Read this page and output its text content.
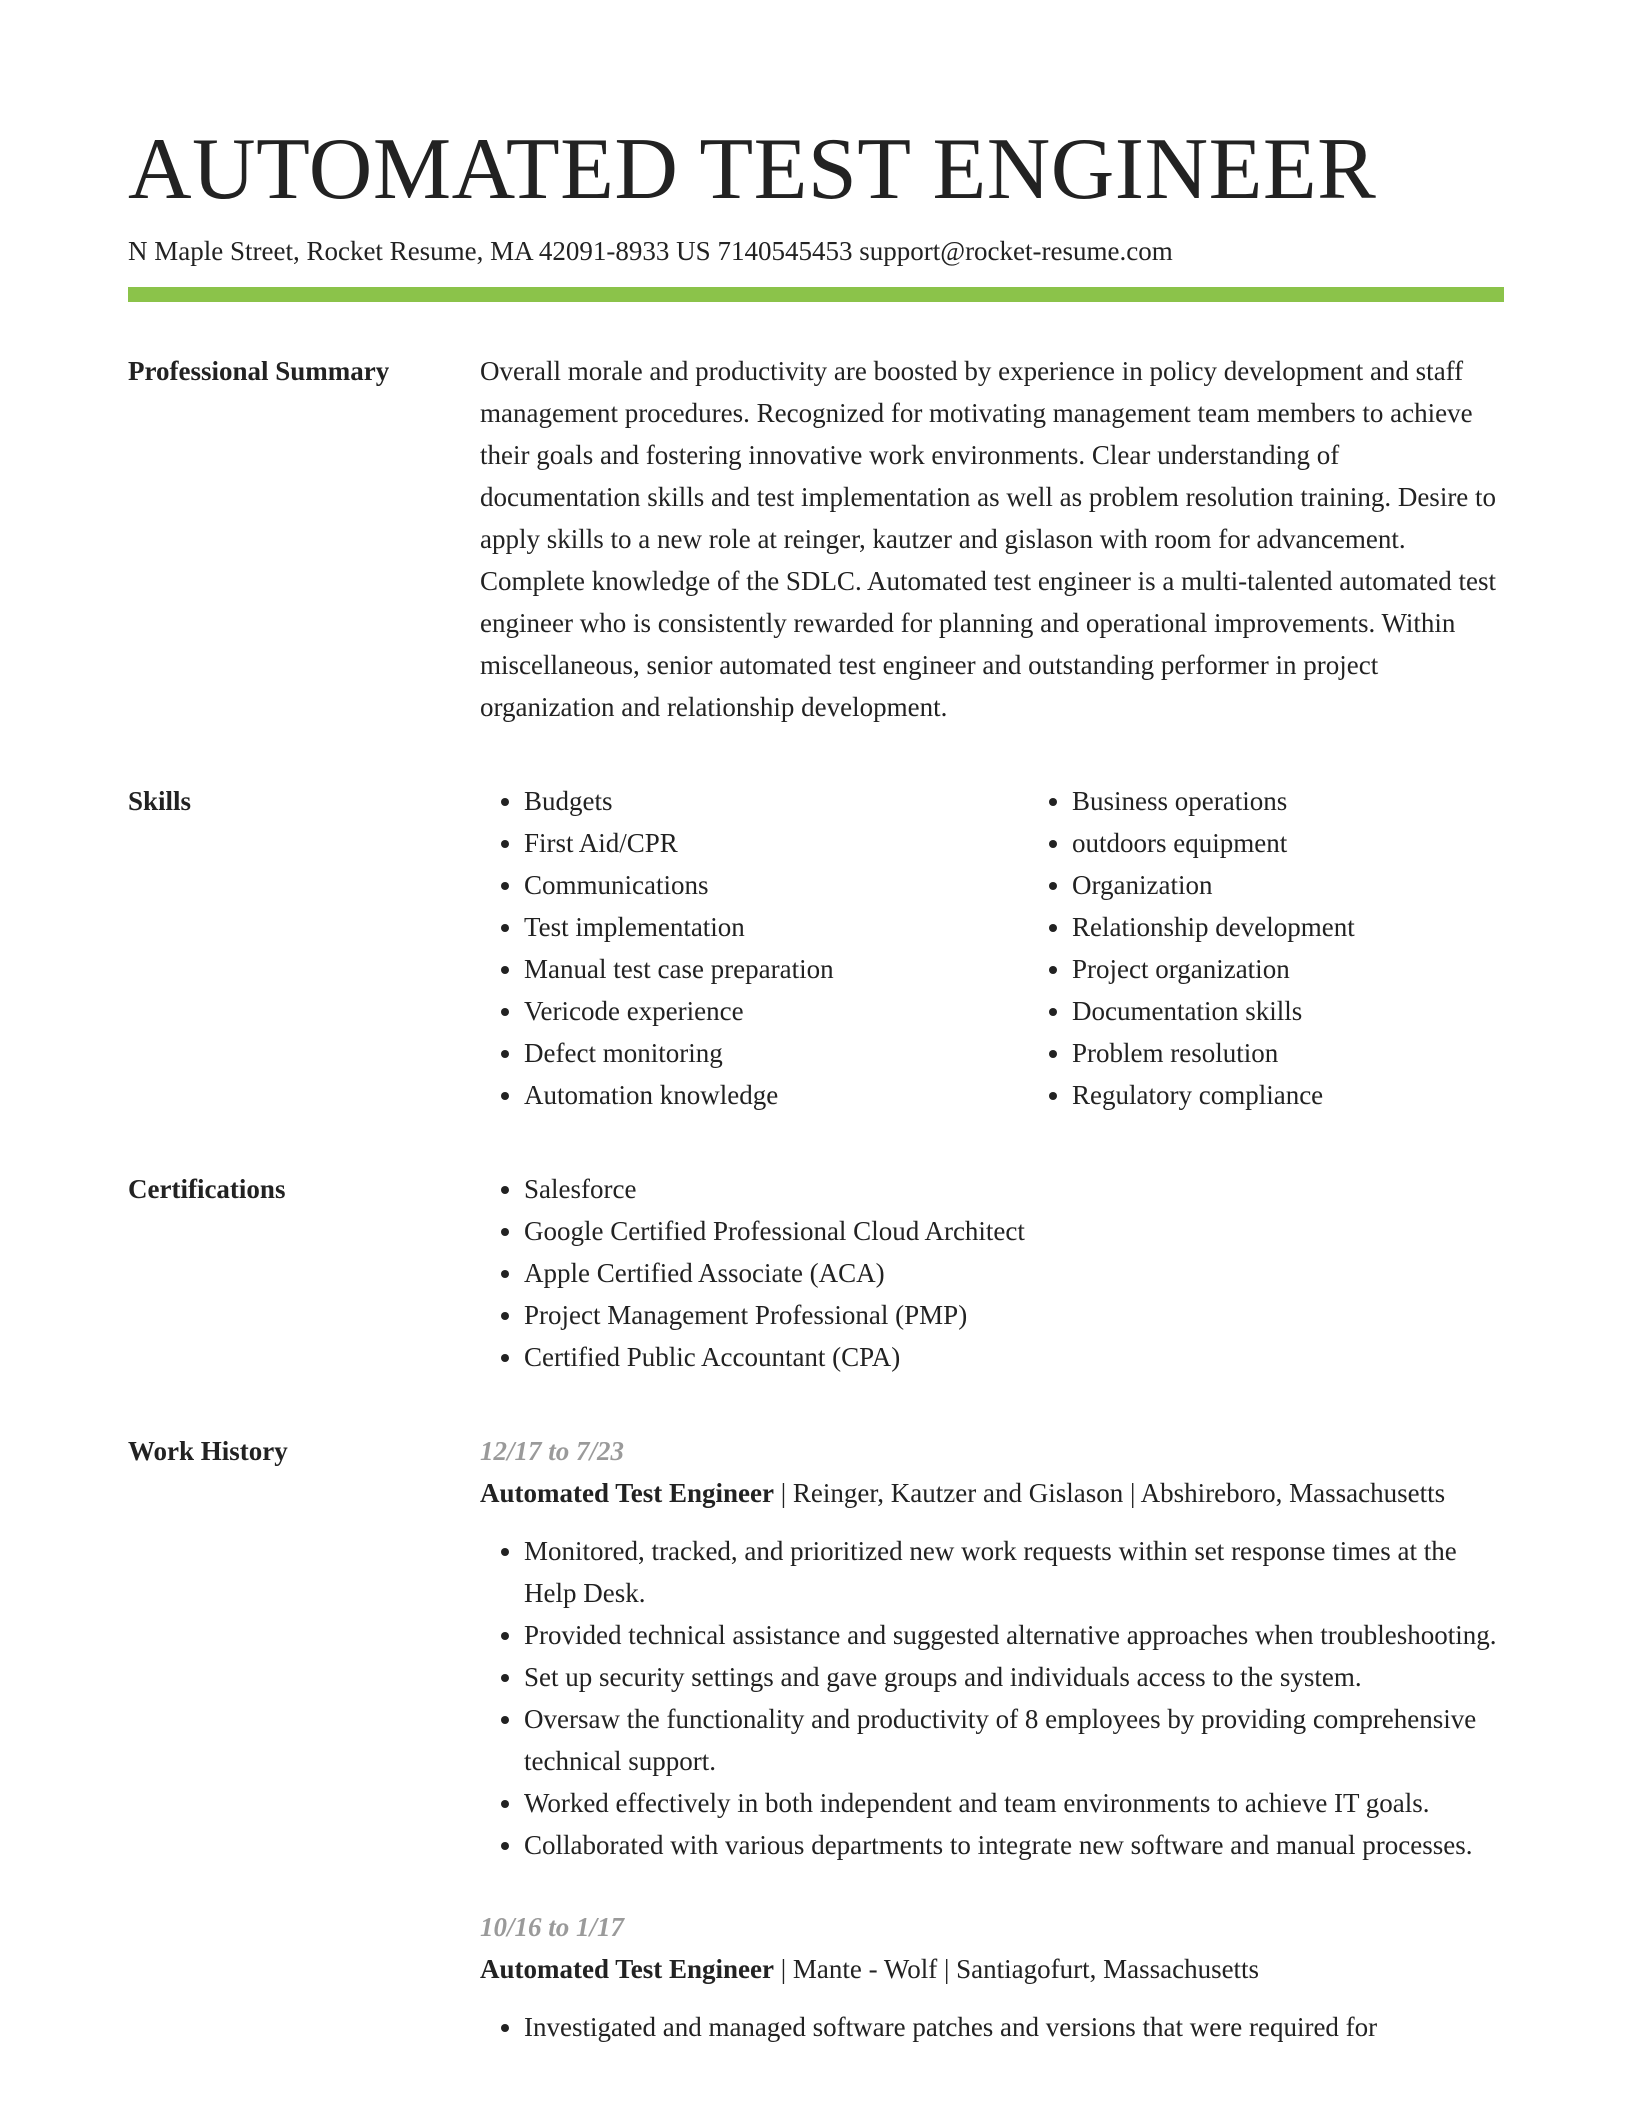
AUTOMATED TEST ENGINEER
N Maple Street, Rocket Resume, MA 42091-8933 US 7140545453 support@rocket-resume.com
Professional Summary	Overall morale and productivity are boosted by experience in policy development and staff management procedures. Recognized for motivating management team members to achieve their goals and fostering innovative work environments. Clear understanding of documentation skills and test implementation as well as problem resolution training. Desire to apply skills to a new role at reinger, kautzer and gislason with room for advancement. Complete knowledge of the SDLC. Automated test engineer is a multi-talented automated test engineer who is consistently rewarded for planning and operational improvements. Within miscellaneous, senior automated test engineer and outstanding performer in project organization and relationship development.

Skills	• Budgets
• First Aid/CPR
• Communications
• Test implementation
• Manual test case preparation
• Vericode experience
• Defect monitoring
• Automation knowledge
• Business operations
• outdoors equipment
• Organization
• Relationship development
• Project organization
• Documentation skills
• Problem resolution
• Regulatory compliance
Certifications	• Salesforce
• Google Certified Professional Cloud Architect
• Apple Certified Associate (ACA)
• Project Management Professional (PMP)
• Certified Public Accountant (CPA)
Work History	12/17 to 7/23
Automated Test Engineer | Reinger, Kautzer and Gislason | Abshireboro, Massachusetts
• Monitored, tracked, and prioritized new work requests within set response times at the Help Desk.
• Provided technical assistance and suggested alternative approaches when troubleshooting.
• Set up security settings and gave groups and individuals access to the system.
• Oversaw the functionality and productivity of 8 employees by providing comprehensive technical support.
• Worked effectively in both independent and team environments to achieve IT goals.
• Collaborated with various departments to integrate new software and manual processes.
10/16 to 1/17
Automated Test Engineer | Mante - Wolf | Santiagofurt, Massachusetts
• Investigated and managed software patches and versions that were required for
